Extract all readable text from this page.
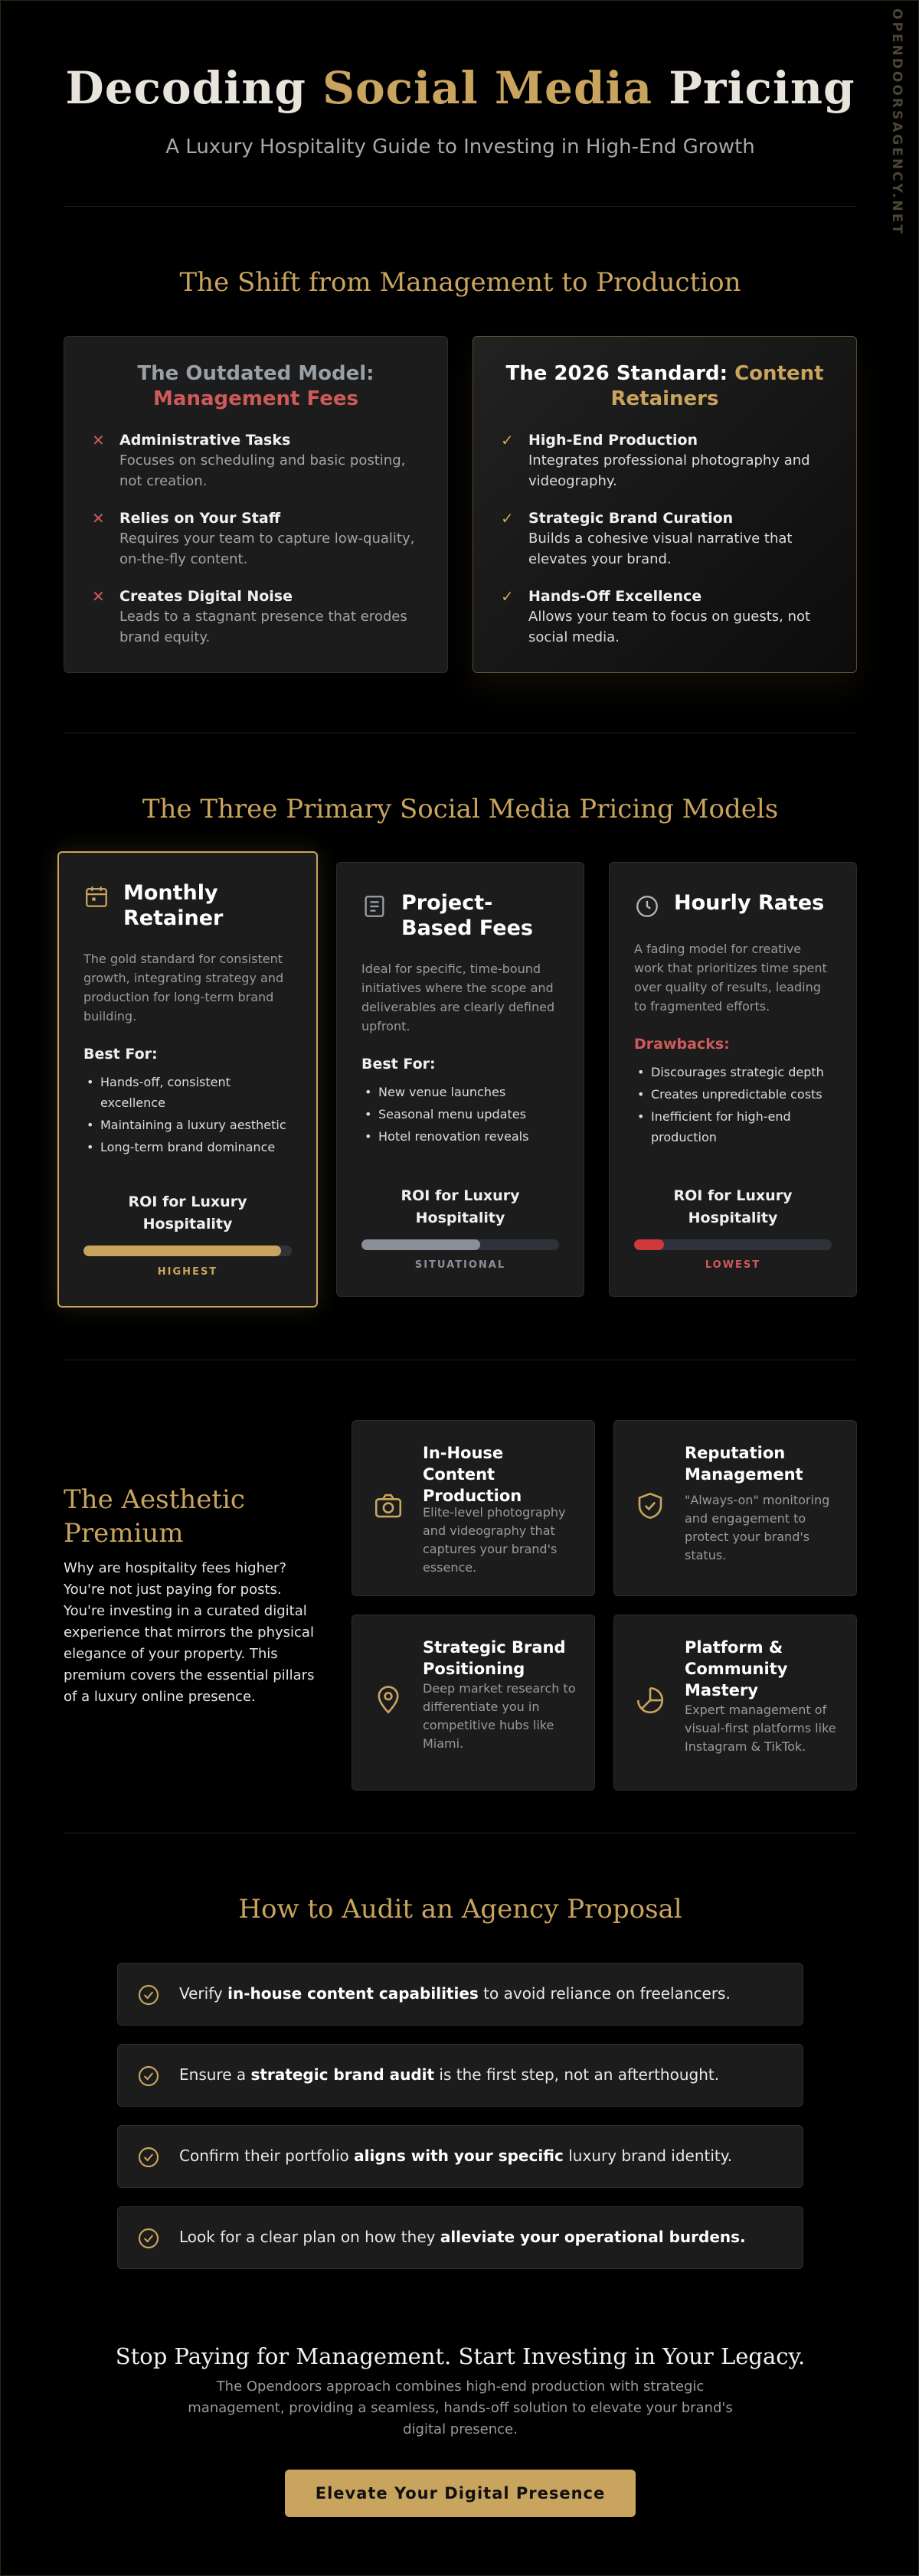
OPENDOORSAGENCY.NET
Decoding Social Media Pricing

A Luxury Hospitality Guide to Investing in High-End Growth

The Shift from Management to Production
The Outdated Model:
Management Fees
✕ Administrative Tasks
Focuses on scheduling and basic posting, not creation.
✕ Relies on Your Staff
Requires your team to capture low-quality, on-the-fly content.
✕ Creates Digital Noise
Leads to a stagnant presence that erodes brand equity.
The 2026 Standard: Content
Retainers
✓ High-End Production
Integrates professional photography and videography.
✓ Strategic Brand Curation
Builds a cohesive visual narrative that elevates your brand.
✓ Hands-Off Excellence
Allows your team to focus on guests, not social media.
The Three Primary Social Media Pricing Models
Monthly Retainer
The gold standard for consistent growth, integrating strategy and production for long-term brand building.
Best For:
• Hands-off, consistent excellence
• Maintaining a luxury aesthetic
• Long-term brand dominance
ROI for Luxury Hospitality
HIGHEST
Project-Based Fees
Ideal for specific, time-bound initiatives where the scope and deliverables are clearly defined upfront.
Best For:
• New venue launches
• Seasonal menu updates
• Hotel renovation reveals
ROI for Luxury Hospitality
SITUATIONAL
Hourly Rates
A fading model for creative work that prioritizes time spent over quality of results, leading to fragmented efforts.
Drawbacks:
• Discourages strategic depth
• Creates unpredictable costs
• Inefficient for high-end production
ROI for Luxury Hospitality
LOWEST
The Aesthetic Premium
Why are hospitality fees higher? You're not just paying for posts. You're investing in a curated digital experience that mirrors the physical elegance of your property. This premium covers the essential pillars of a luxury online presence.
In-House Content Production
Elite-level photography and videography that captures your brand's essence.
Reputation Management
"Always-on" monitoring and engagement to protect your brand's status.
Strategic Brand Positioning
Deep market research to differentiate you in competitive hubs like Miami.
Platform & Community Mastery
Expert management of visual-first platforms like Instagram & TikTok.
How to Audit an Agency Proposal
Verify in-house content capabilities to avoid reliance on freelancers.
Ensure a strategic brand audit is the first step, not an afterthought.
Confirm their portfolio aligns with your specific luxury brand identity.
Look for a clear plan on how they alleviate your operational burdens.
Stop Paying for Management. Start Investing in Your Legacy.
The Opendoors approach combines high-end production with strategic management, providing a seamless, hands-off solution to elevate your brand's digital presence.
Elevate Your Digital Presence
